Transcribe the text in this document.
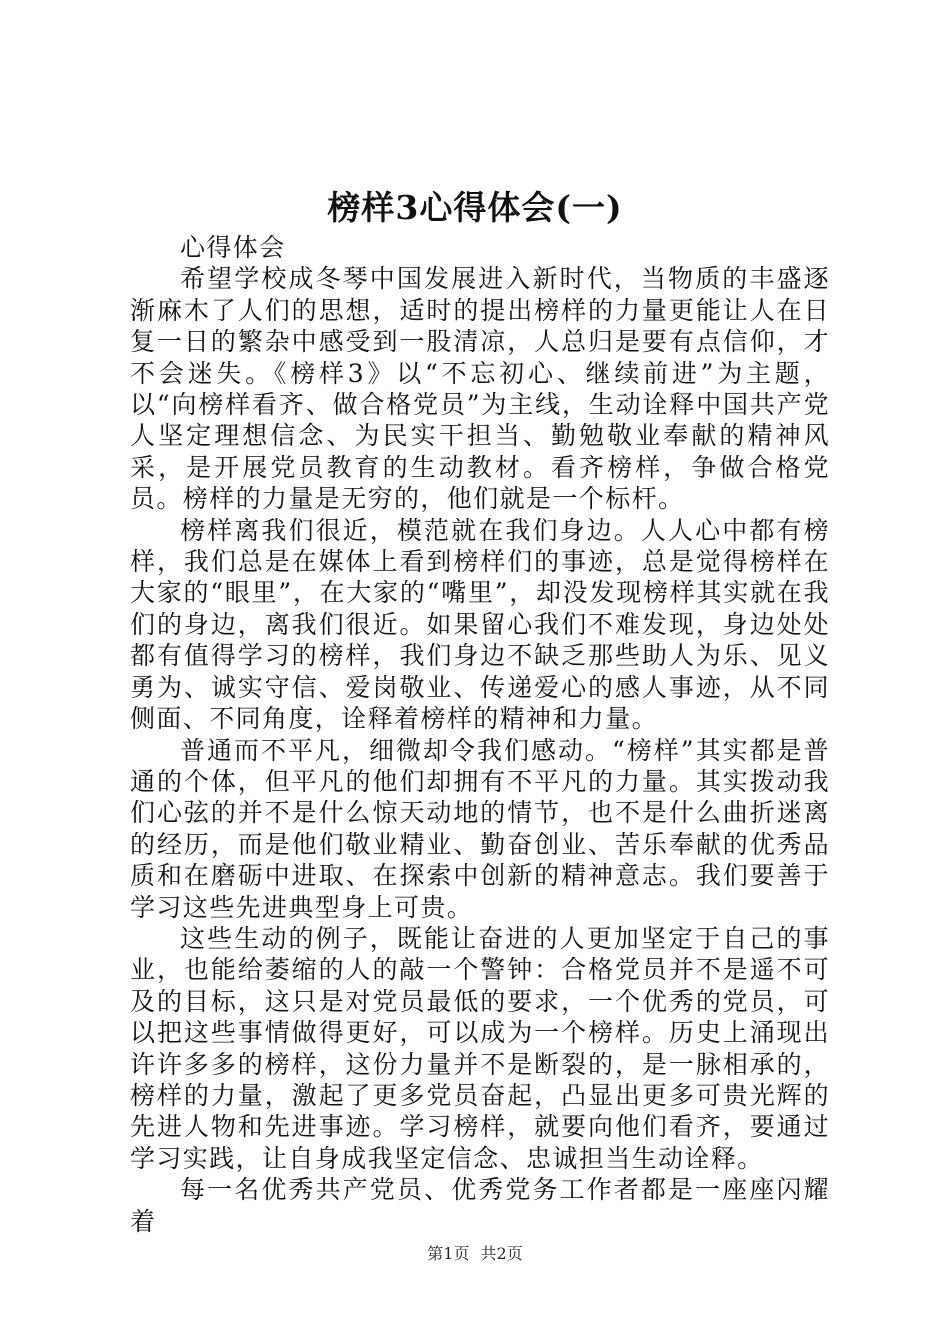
榜样3心得体会(一)

心得体会

希望学校成冬琴中国发展进入新时代，当物质的丰盛逐渐麻木了人们的思想，适时的提出榜样的力量更能让人在日复一日的繁杂中感受到一股清凉，人总归是要有点信仰，才不会迷失。《榜样3》以“不忘初心、继续前进”为主题，以“向榜样看齐、做合格党员”为主线，生动诠释中国共产党人坚定理想信念、为民实干担当、勤勉敬业奉献的精神风采，是开展党员教育的生动教材。看齐榜样，争做合格党员。榜样的力量是无穷的，他们就是一个标杆。

榜样离我们很近，模范就在我们身边。人人心中都有榜样，我们总是在媒体上看到榜样们的事迹，总是觉得榜样在大家的“眼里”，在大家的“嘴里”，却没发现榜样其实就在我们的身边，离我们很近。如果留心我们不难发现，身边处处都有值得学习的榜样，我们身边不缺乏那些助人为乐、见义勇为、诚实守信、爱岗敬业、传递爱心的感人事迹，从不同侧面、不同角度，诠释着榜样的精神和力量。

普通而不平凡，细微却令我们感动。“榜样”其实都是普通的个体，但平凡的他们却拥有不平凡的力量。其实拨动我们心弦的并不是什么惊天动地的情节，也不是什么曲折迷离的经历，而是他们敬业精业、勤奋创业、苦乐奉献的优秀品质和在磨砺中进取、在探索中创新的精神意志。我们要善于学习这些先进典型身上可贵。

这些生动的例子，既能让奋进的人更加坚定于自己的事业，也能给萎缩的人的敲一个警钟：合格党员并不是遥不可及的目标，这只是对党员最低的要求，一个优秀的党员，可以把这些事情做得更好，可以成为一个榜样。历史上涌现出许许多多的榜样，这份力量并不是断裂的，是一脉相承的，榜样的力量，激起了更多党员奋起，凸显出更多可贵光辉的先进人物和先进事迹。学习榜样，就要向他们看齐，要通过学习实践，让自身成我坚定信念、忠诚担当生动诠释。

每一名优秀共产党员、优秀党务工作者都是一座座闪耀着

第1页 共2页
